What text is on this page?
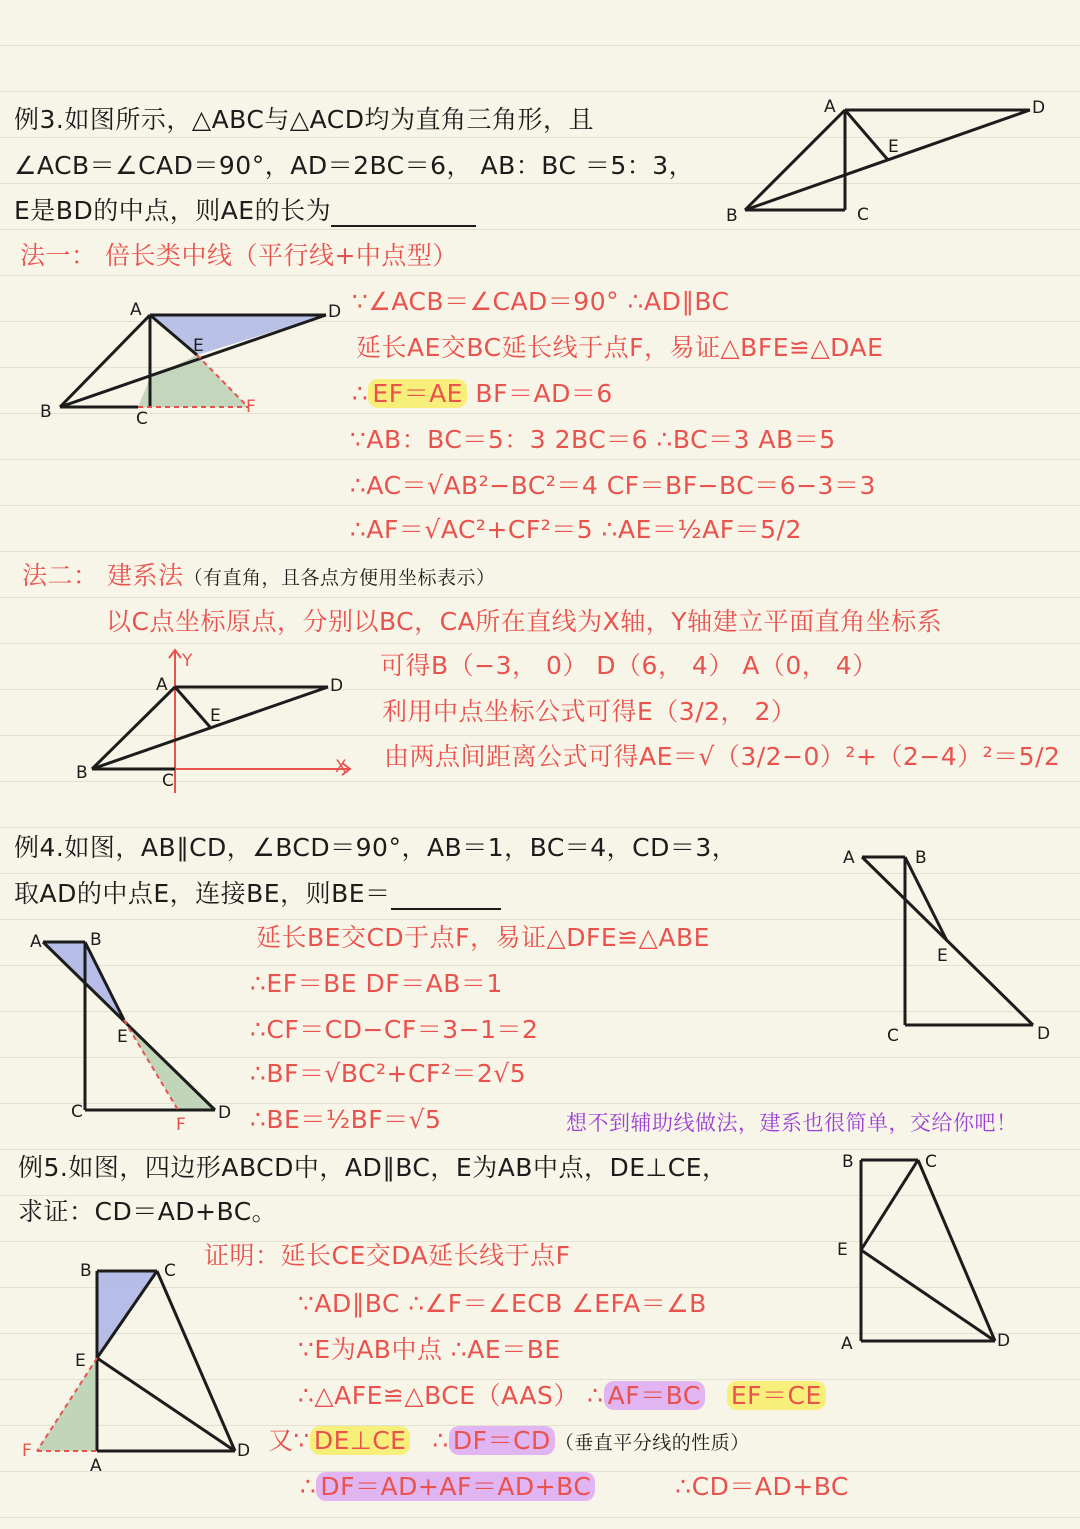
例3.如图所示，△ABC与△ACD均为直角三角形，且
∠ACB＝∠CAD＝90°，AD＝2BC＝6， AB：BC ＝5：3，
E是BD的中点，则AE的长为
A	D
B	C
E
法一： 倍长类中线（平行线+中点型）
A	D
B	C
E
F
∵∠ACB＝∠CAD＝90° ∴AD∥BC
延长AE交BC延长线于点F，易证△BFE≌△DAE
∴ EF＝AE BF＝AD＝6
∵AB：BC＝5：3 2BC＝6 ∴BC＝3 AB＝5
∴AC＝√AB²−BC²＝4 CF＝BF−BC＝6−3＝3
∴AF＝√AC²+CF²＝5 ∴AE＝½AF＝5/2
法二： 建系法（有直角，且各点方便用坐标表示）
以C点坐标原点，分别以BC，CA所在直线为X轴，Y轴建立平面直角坐标系
A	D
B	C
E
X
Y	可得B（−3， 0） D（6， 4） A（0， 4）
利用中点坐标公式可得E（3/2， 2）
由两点间距离公式可得AE＝√（3/2−0）²+（2−4）²＝5/2
例4.如图，AB∥CD，∠BCD＝90°，AB＝1，BC＝4，CD＝3，
取AD的中点E，连接BE，则BE＝
A	B
C	D
E
A	B
C	D
E
F
延长BE交CD于点F，易证△DFE≌△ABE
∴EF＝BE DF＝AB＝1
∴CF＝CD−CF＝3−1＝2
∴BF＝√BC²+CF²＝2√5
∴BE＝½BF＝√5	想不到辅助线做法，建系也很简单，交给你吧！
例5.如图，四边形ABCD中，AD∥BC，E为AB中点，DE⊥CE，
求证：CD＝AD+BC。
B	C
E
A	D
B	C
E
A
D
F
证明：延长CE交DA延长线于点F
∵AD∥BC ∴∠F＝∠ECB ∠EFA＝∠B
∵E为AB中点 ∴AE＝BE
∴△AFE≌△BCE（AAS） ∴ AF＝BC EF＝CE
又∵ DE⊥CE ∴ DF＝CD （垂直平分线的性质）
∴ DF＝AD+AF＝AD+BC	∴CD＝AD+BC
